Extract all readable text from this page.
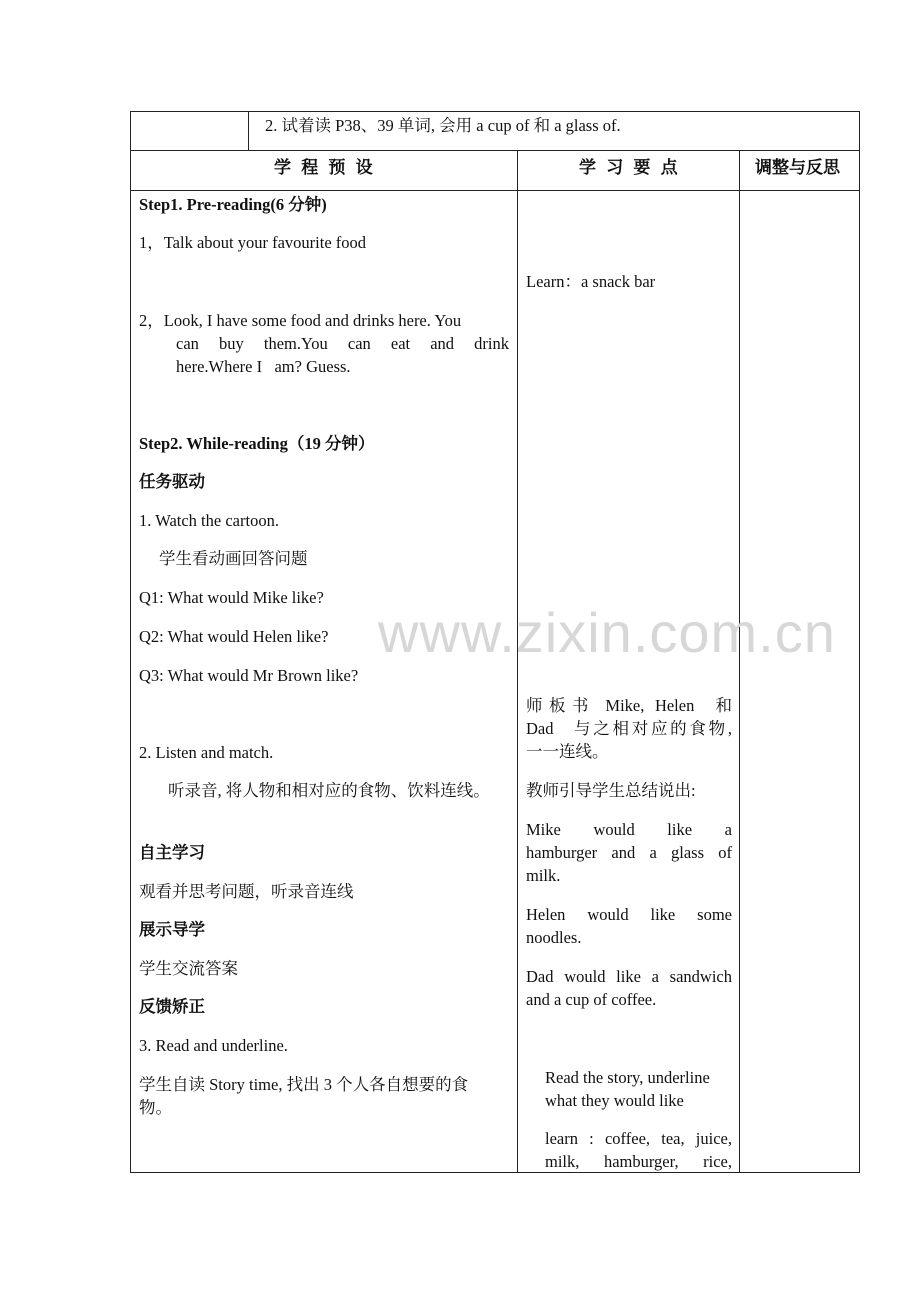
www.zixin.com.cn
2. 试着读 P38、39 单词, 会用 a cup of 和 a glass of.
学程预设	学习要点	调整与反思
Step1. Pre-reading(6 分钟)
1，Talk about your favourite food
2，Look, I have some food and drinks here. You
can buy them.You can eat and drink
here.Where I   am? Guess.
Step2. While-reading（19 分钟）
任务驱动
1. Watch the cartoon.
学生看动画回答问题
Q1: What would Mike like?
Q2: What would Helen like?
Q3: What would Mr Brown like?
2. Listen and match.
听录音, 将人物和相对应的食物、饮料连线。
自主学习
观看并思考问题，听录音连线
展示导学
学生交流答案
反馈矫正
3. Read and underline.
学生自读 Story time, 找出 3 个人各自想要的食
物。
Learn：a snack bar
师板书 Mike, Helen  和
Dad   与之相对应的食物,
一一连线。
教师引导学生总结说出:
Mike would like a
hamburger and a glass of
milk.
Helen would like some
noodles.
Dad would like a sandwich
and a cup of coffee.
Read the story, underline
what they would like
learn : coffee, tea, juice,
milk, hamburger, rice,
